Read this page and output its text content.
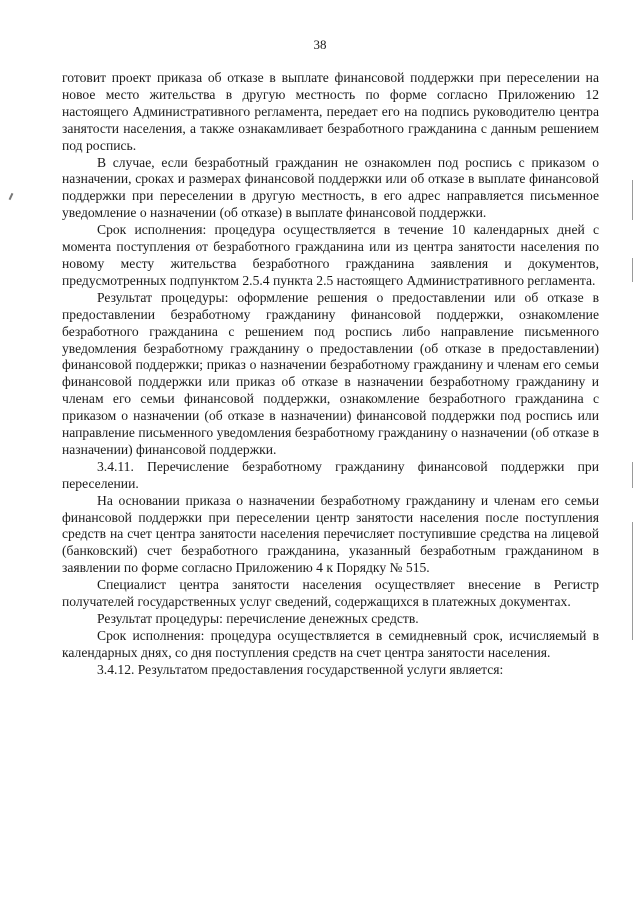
38

готовит проект приказа об отказе в выплате финансовой поддержки при переселении на новое место жительства в другую местность по форме согласно Приложению 12 настоящего Административного регламента, передает его на подпись руководителю центра занятости населения, а также ознакамливает безработного гражданина с данным решением под роспись.

В случае, если безработный гражданин не ознакомлен под роспись с приказом о назначении, сроках и размерах финансовой поддержки или об отказе в выплате финансовой поддержки при переселении в другую местность, в его адрес направляется письменное уведомление о назначении (об отказе) в выплате финансовой поддержки.

Срок исполнения: процедура осуществляется в течение 10 календарных дней с момента поступления от безработного гражданина или из центра занятости населения по новому месту жительства безработного гражданина заявления и документов, предусмотренных подпунктом 2.5.4 пункта 2.5 настоящего Административного регламента.

Результат процедуры: оформление решения о предоставлении или об отказе в предоставлении безработному гражданину финансовой поддержки, ознакомление безработного гражданина с решением под роспись либо направление письменного уведомления безработному гражданину о предоставлении (об отказе в предоставлении) финансовой поддержки; приказ о назначении безработному гражданину и членам его семьи финансовой поддержки или приказ об отказе в назначении безработному гражданину и членам его семьи финансовой поддержки, ознакомление безработного гражданина с приказом о назначении (об отказе в назначении) финансовой поддержки под роспись или направление письменного уведомления безработному гражданину о назначении (об отказе в назначении) финансовой поддержки.

3.4.11. Перечисление безработному гражданину финансовой поддержки при переселении.

На основании приказа о назначении безработному гражданину и членам его семьи финансовой поддержки при переселении центр занятости населения после поступления средств на счет центра занятости населения перечисляет поступившие средства на лицевой (банковский) счет безработного гражданина, указанный безработным гражданином в заявлении по форме согласно Приложению 4 к Порядку № 515.

Специалист центра занятости населения осуществляет внесение в Регистр получателей государственных услуг сведений, содержащихся в платежных документах.

Результат процедуры: перечисление денежных средств.

Срок исполнения: процедура осуществляется в семидневный срок, исчисляемый в календарных днях, со дня поступления средств на счет центра занятости населения.

3.4.12. Результатом предоставления государственной услуги является:
